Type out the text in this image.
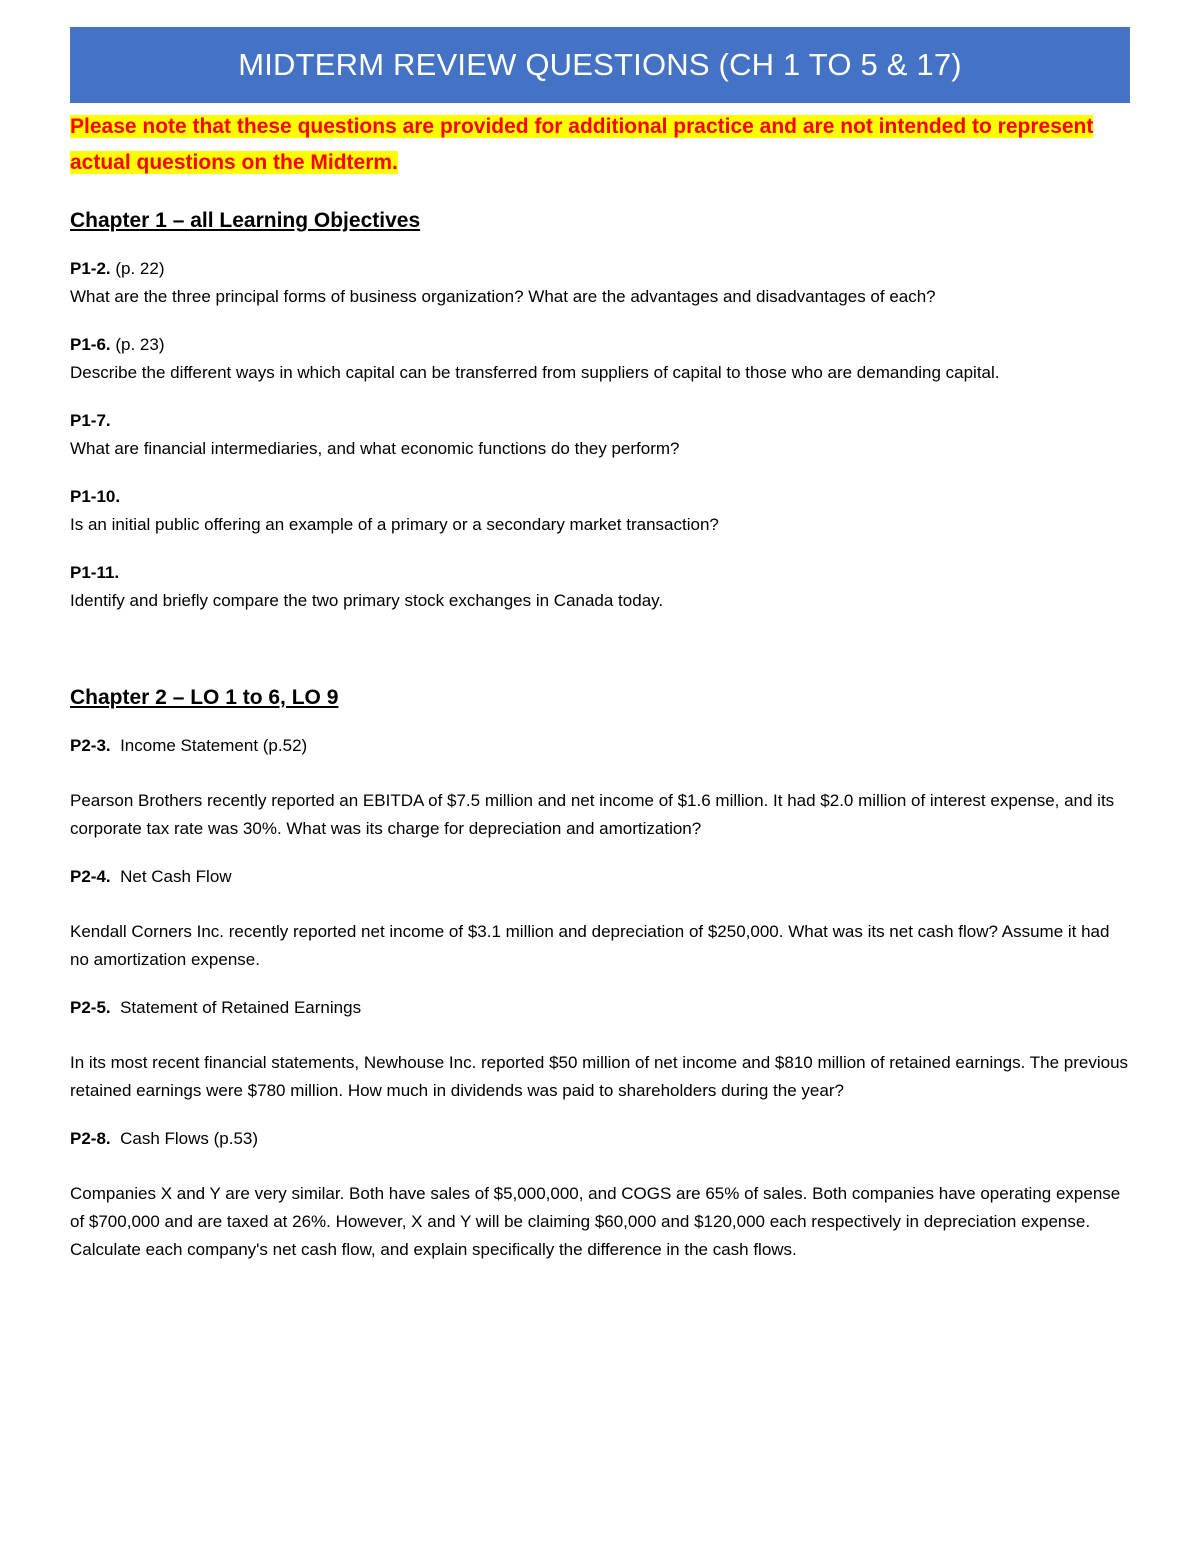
MIDTERM REVIEW QUESTIONS (CH 1 TO 5 & 17)
Please note that these questions are provided for additional practice and are not intended to represent actual questions on the Midterm.
Chapter 1 – all Learning Objectives
P1-2. (p. 22)
What are the three principal forms of business organization? What are the advantages and disadvantages of each?
P1-6. (p. 23)
Describe the different ways in which capital can be transferred from suppliers of capital to those who are demanding capital.
P1-7.
What are financial intermediaries, and what economic functions do they perform?
P1-10.
Is an initial public offering an example of a primary or a secondary market transaction?
P1-11.
Identify and briefly compare the two primary stock exchanges in Canada today.
Chapter 2 – LO 1 to 6, LO 9
P2-3.  Income Statement (p.52)
Pearson Brothers recently reported an EBITDA of $7.5 million and net income of $1.6 million. It had $2.0 million of interest expense, and its corporate tax rate was 30%. What was its charge for depreciation and amortization?
P2-4.  Net Cash Flow
Kendall Corners Inc. recently reported net income of $3.1 million and depreciation of $250,000. What was its net cash flow? Assume it had no amortization expense.
P2-5.  Statement of Retained Earnings
In its most recent financial statements, Newhouse Inc. reported $50 million of net income and $810 million of retained earnings. The previous retained earnings were $780 million. How much in dividends was paid to shareholders during the year?
P2-8.  Cash Flows (p.53)
Companies X and Y are very similar. Both have sales of $5,000,000, and COGS are 65% of sales. Both companies have operating expense of $700,000 and are taxed at 26%. However, X and Y will be claiming $60,000 and $120,000 each respectively in depreciation expense. Calculate each company's net cash flow, and explain specifically the difference in the cash flows.
